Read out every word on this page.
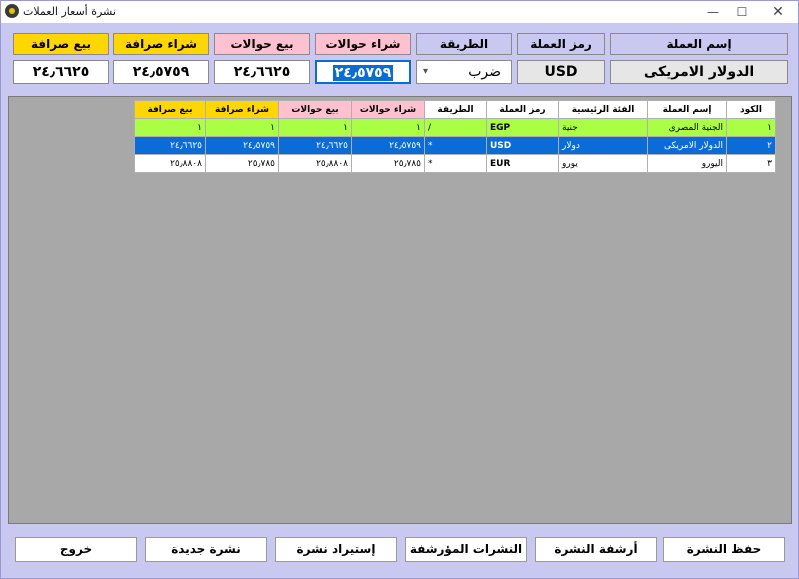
نشرة أسعار العملات	—	☐	✕
بيع صرافة	شراء صرافة	بيع حوالات	شراء حوالات	الطريقة	رمز العملة	إسم العملة
٢٤٫٦٦٢٥	٢٤٫٥٧٥٩	٢٤٫٦٦٢٥	٢٤٫٥٧٥٩	▾	ضرب	USD	الدولار الامريكى
بيع صرافة	شراء صرافة	بيع حوالات	شراء حوالات	الطريقة	رمز العملة	الفئة الرئيسية	إسم العملة	الكود
١	١	١	١	/	EGP	جنية	الجنية المصرى	١
٢٤٫٦٦٢٥	٢٤٫٥٧٥٩	٢٤٫٦٦٢٥	٢٤٫٥٧٥٩	*	USD	دولار	الدولار الامريكى	٢
٢٥٫٨٨٠٨	٢٥٫٧٨٥	٢٥٫٨٨٠٨	٢٥٫٧٨٥	*	EUR	يورو	اليورو	٣
خروج	نشرة جديدة	إستيراد نشرة	النشرات المؤرشفة	أرشفة النشرة	حفظ النشرة
